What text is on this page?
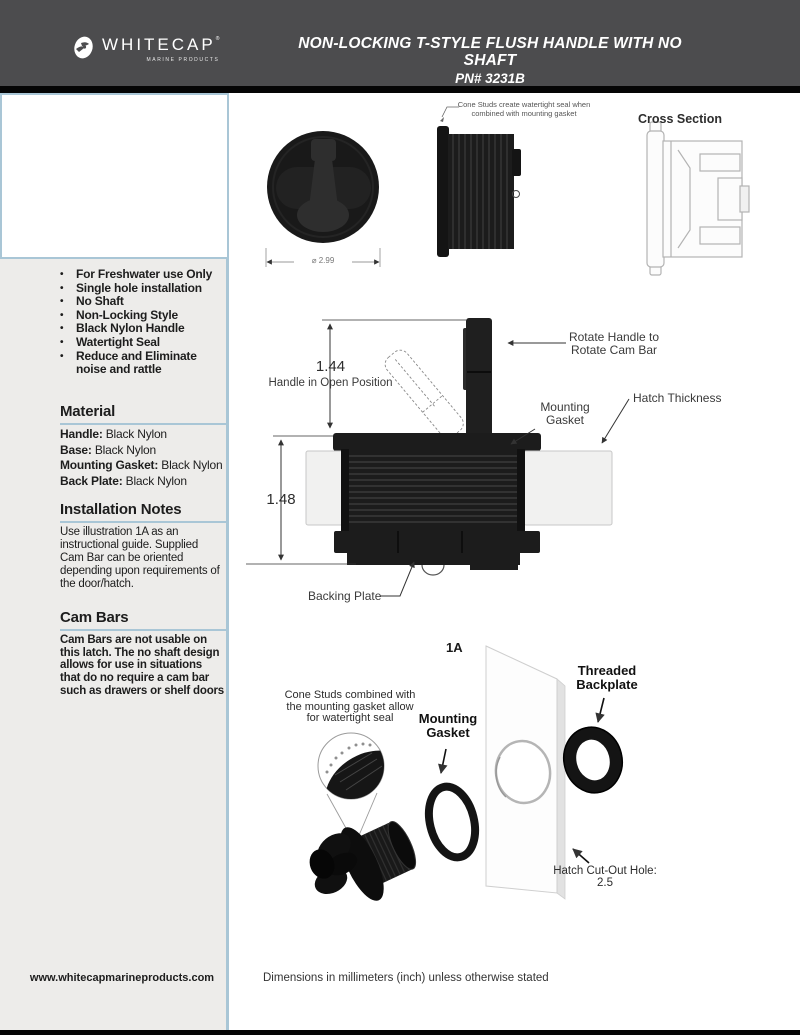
WHITECAP®
MARINE PRODUCTS
NON-LOCKING T-STYLE FLUSH HANDLE WITH NO SHAFT
PN# 3231B
• For Freshwater use Only
• Single hole installation
• No Shaft
• Non-Locking Style
• Black Nylon Handle
• Watertight Seal
• Reduce and Eliminate noise and rattle
Material
Handle : Black Nylon
Base : Black Nylon
Mounting Gasket : Black Nylon
Back Plate : Black Nylon
Installation Notes
Use illustration 1A as an instructional guide. Supplied Cam Bar can be oriented depending upon requirements of the door/hatch.
Cam Bars
Cam Bars are not usable on this latch. The no shaft design allows for use in situations that do no require a cam bar such as drawers or shelf doors
www.whitecapmarineproducts.com
Cone Studs create watertight seal when combined with mounting gasket	Cross Section
⌀ 2.99
1.44
Handle in Open Position
Rotate Handle to Rotate Cam Bar
Mounting Gasket
Hatch Thickness
1.48
Backing Plate
1A
Threaded Backplate
Mounting Gasket
Cone Studs combined with the mounting gasket allow for watertight seal
Hatch Cut-Out Hole: 2.5
Dimensions in millimeters (inch) unless otherwise stated
